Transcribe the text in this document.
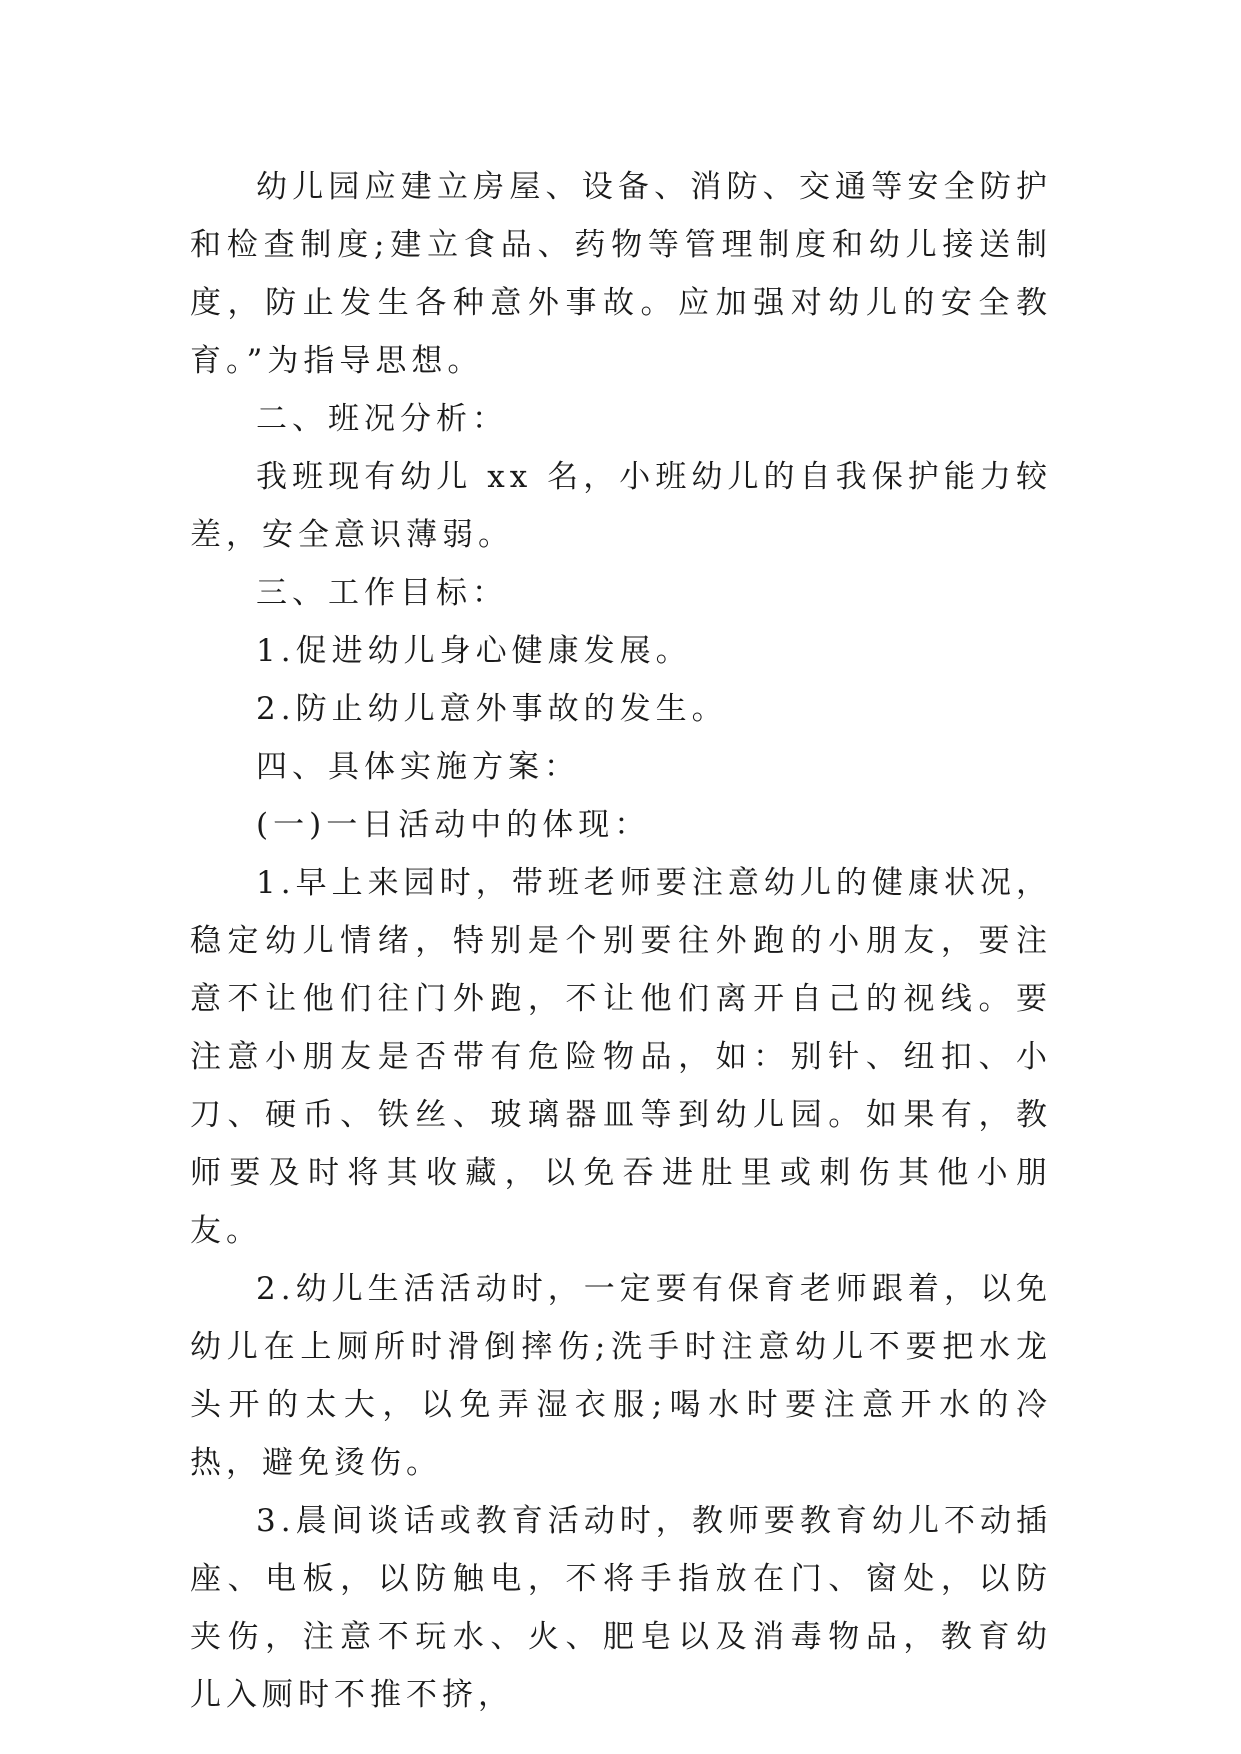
幼儿园应建立房屋、设备、消防、交通等安全防护和检查制度;建立食品、药物等管理制度和幼儿接送制度，防止发生各种意外事故。应加强对幼儿的安全教育。”为指导思想。

二、班况分析：

我班现有幼儿 xx 名，小班幼儿的自我保护能力较差，安全意识薄弱。

三、工作目标：

1.促进幼儿身心健康发展。

2.防止幼儿意外事故的发生。

四、具体实施方案：

(一)一日活动中的体现：

1.早上来园时，带班老师要注意幼儿的健康状况，稳定幼儿情绪，特别是个别要往外跑的小朋友，要注意不让他们往门外跑，不让他们离开自己的视线。要注意小朋友是否带有危险物品，如：别针、纽扣、小刀、硬币、铁丝、玻璃器皿等到幼儿园。如果有，教师要及时将其收藏，以免吞进肚里或刺伤其他小朋友。

2.幼儿生活活动时，一定要有保育老师跟着，以免幼儿在上厕所时滑倒摔伤;洗手时注意幼儿不要把水龙头开的太大，以免弄湿衣服;喝水时要注意开水的冷热，避免烫伤。

3.晨间谈话或教育活动时，教师要教育幼儿不动插座、电板，以防触电，不将手指放在门、窗处，以防夹伤，注意不玩水、火、肥皂以及消毒物品，教育幼儿入厕时不推不挤，
